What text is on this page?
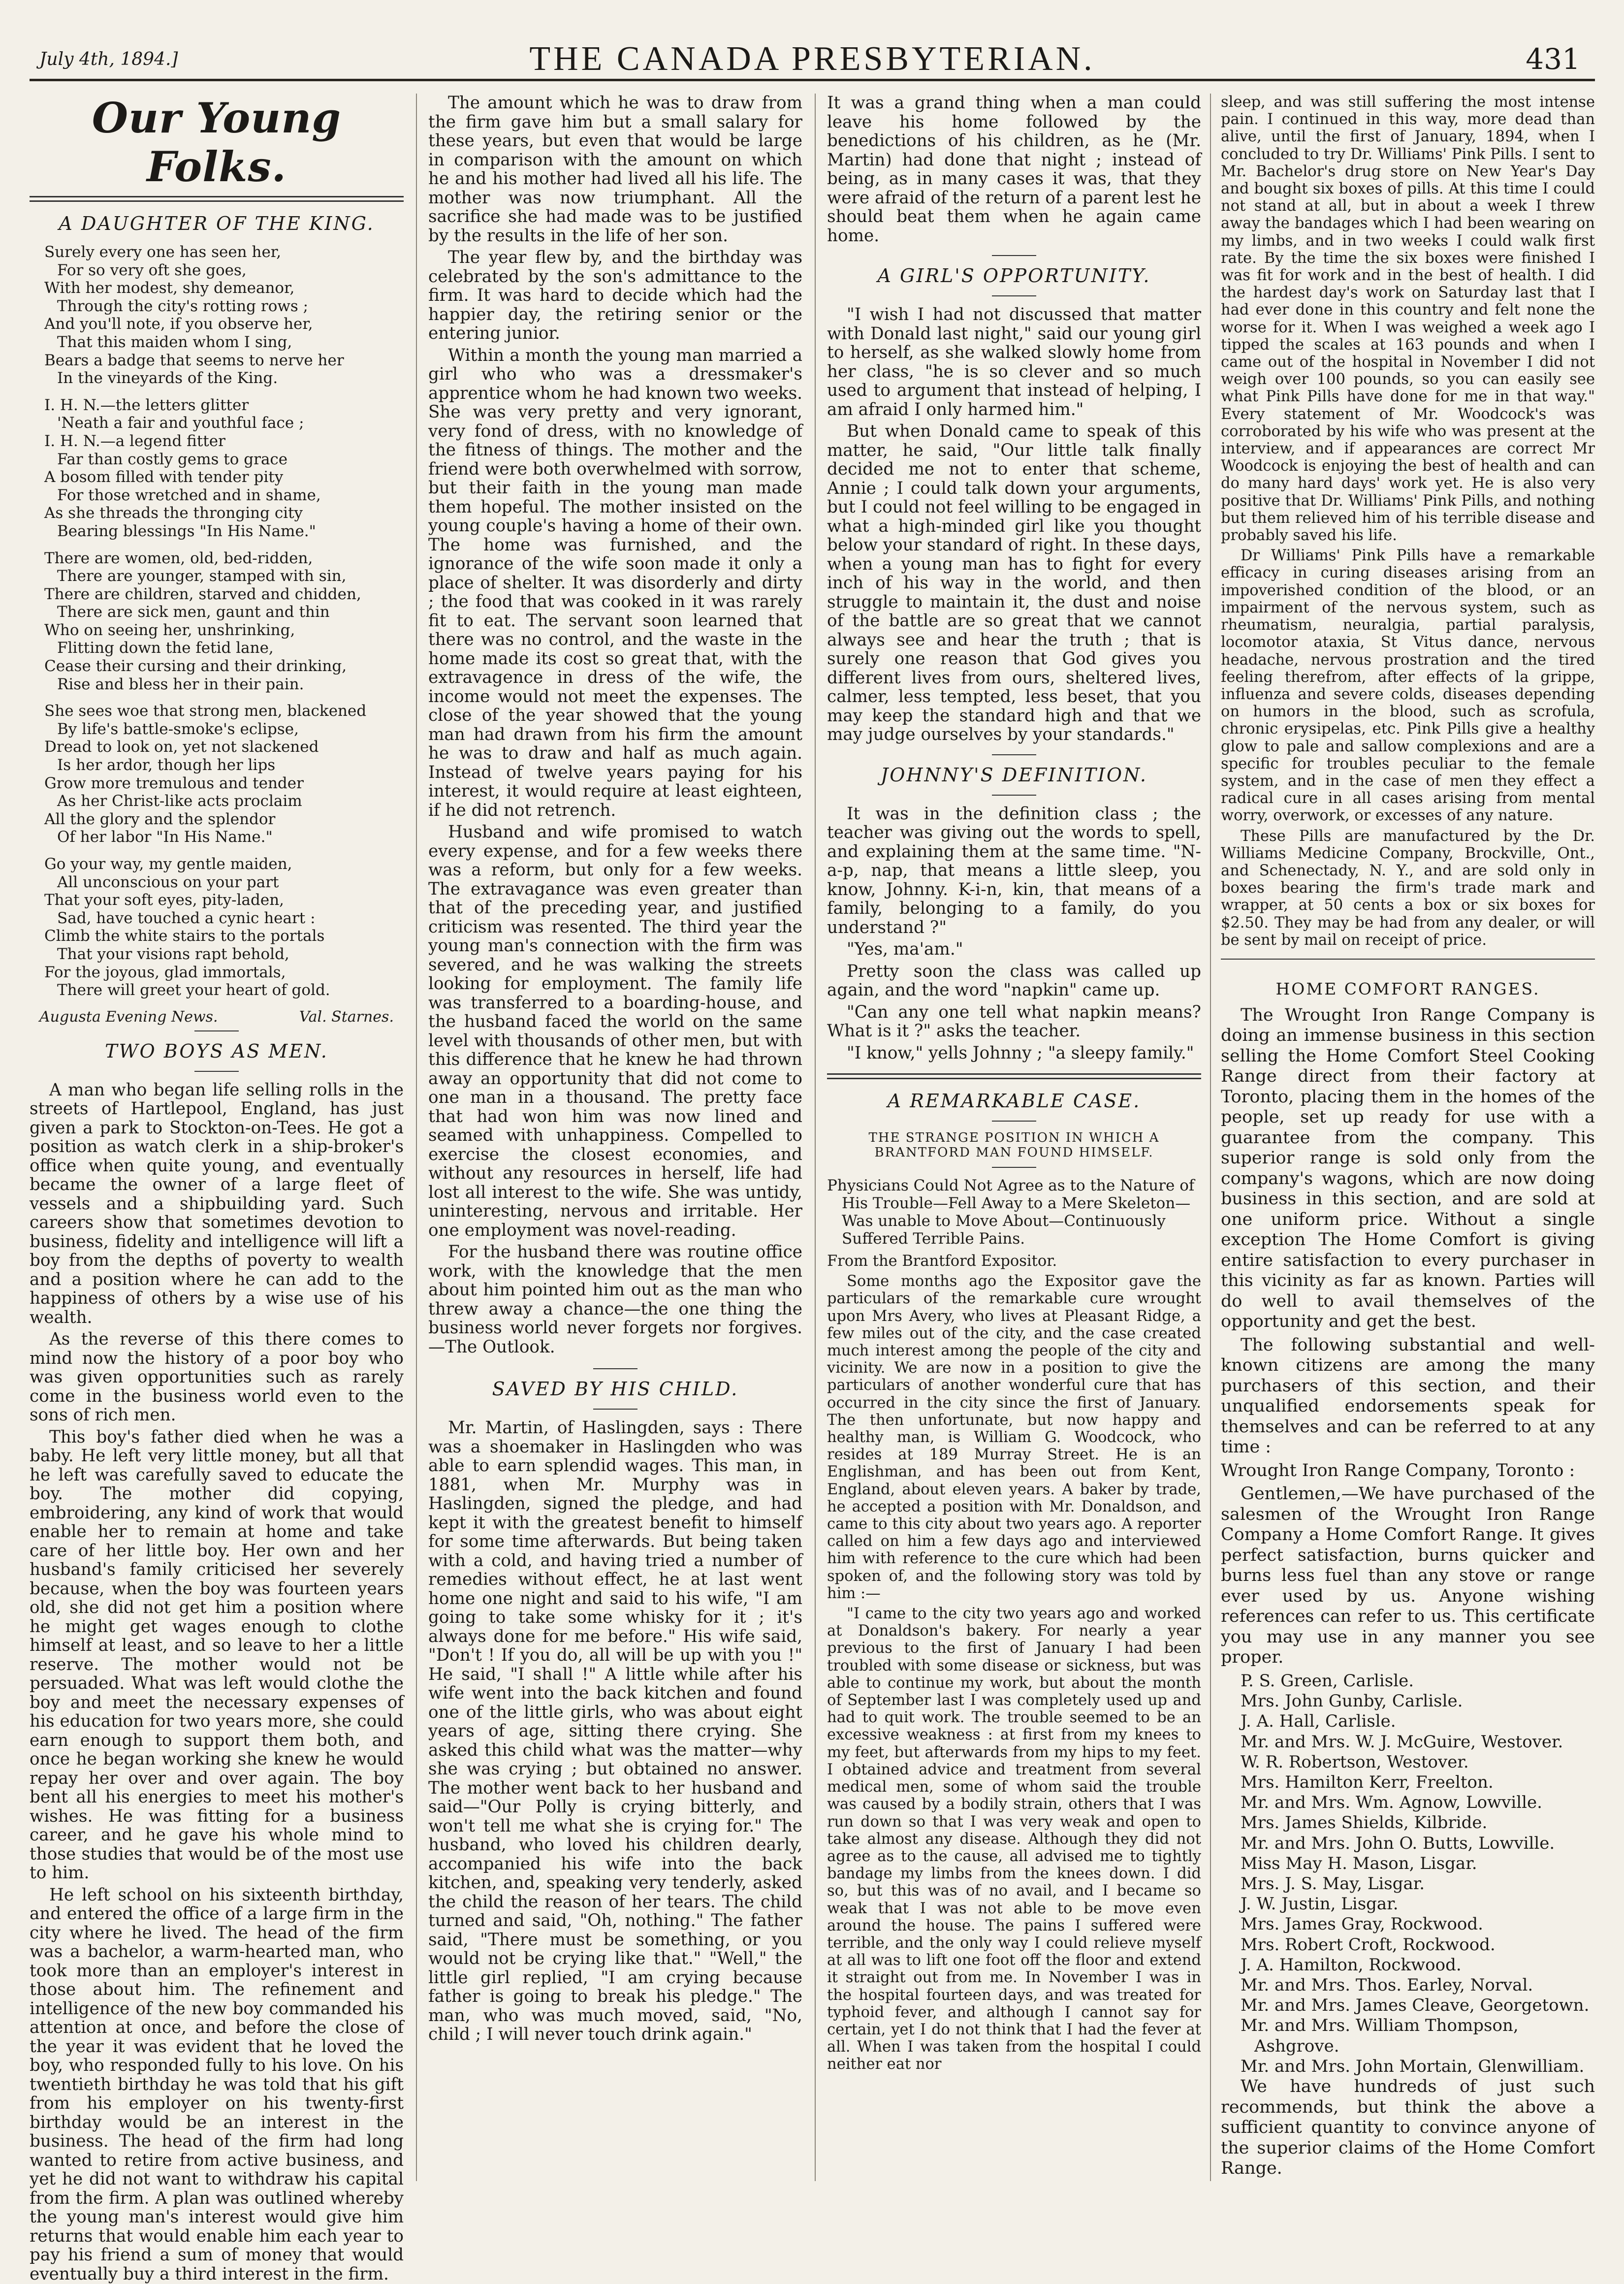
July 4th, 1894.]	THE CANADA PRESBYTERIAN.	431
Our Young Folks.
A DAUGHTER OF THE KING.
Surely every one has seen her,
For so very oft she goes,
With her modest, shy demeanor,
Through the city's rotting rows ;
And you'll note, if you observe her,
That this maiden whom I sing,
Bears a badge that seems to nerve her
In the vineyards of the King.
I. H. N.—the letters glitter
'Neath a fair and youthful face ;
I. H. N.—a legend fitter
Far than costly gems to grace
A bosom filled with tender pity
For those wretched and in shame,
As she threads the thronging city
Bearing blessings "In His Name."
There are women, old, bed-ridden,
There are younger, stamped with sin,
There are children, starved and chidden,
There are sick men, gaunt and thin
Who on seeing her, unshrinking,
Flitting down the fetid lane,
Cease their cursing and their drinking,
Rise and bless her in their pain.
She sees woe that strong men, blackened
By life's battle-smoke's eclipse,
Dread to look on, yet not slackened
Is her ardor, though her lips
Grow more tremulous and tender
As her Christ-like acts proclaim
All the glory and the splendor
Of her labor "In His Name."
Go your way, my gentle maiden,
All unconscious on your part
That your soft eyes, pity-laden,
Sad, have touched a cynic heart :
Climb the white stairs to the portals
That your visions rapt behold,
For the joyous, glad immortals,
There will greet your heart of gold.
Augusta Evening News.	Val. Starnes.
TWO BOYS AS MEN.

A man who began life selling rolls in the streets of Hartlepool, England, has just given a park to Stockton-on-Tees. He got a position as watch clerk in a ship-broker's office when quite young, and eventually became the owner of a large fleet of vessels and a shipbuilding yard. Such careers show that sometimes devotion to business, fidelity and intelligence will lift a boy from the depths of poverty to wealth and a position where he can add to the happiness of others by a wise use of his wealth.

As the reverse of this there comes to mind now the history of a poor boy who was given opportunities such as rarely come in the business world even to the sons of rich men.

This boy's father died when he was a baby. He left very little money, but all that he left was carefully saved to educate the boy. The mother did copying, embroidering, any kind of work that would enable her to remain at home and take care of her little boy. Her own and her husband's family criticised her severely because, when the boy was fourteen years old, she did not get him a position where he might get wages enough to clothe himself at least, and so leave to her a little reserve. The mother would not be persuaded. What was left would clothe the boy and meet the necessary expenses of his education for two years more, she could earn enough to support them both, and once he began working she knew he would repay her over and over again. The boy bent all his energies to meet his mother's wishes. He was fitting for a business career, and he gave his whole mind to those studies that would be of the most use to him.

He left school on his sixteenth birthday, and entered the office of a large firm in the city where he lived. The head of the firm was a bachelor, a warm-hearted man, who took more than an employer's interest in those about him. The refinement and intelligence of the new boy commanded his attention at once, and before the close of the year it was evident that he loved the boy, who responded fully to his love. On his twentieth birthday he was told that his gift from his employer on his twenty-first birthday would be an interest in the business. The head of the firm had long wanted to retire from active business, and yet he did not want to withdraw his capital from the firm. A plan was outlined whereby the young man's interest would give him returns that would enable him each year to pay his friend a sum of money that would eventually buy a third interest in the firm.

The amount which he was to draw from the firm gave him but a small salary for these years, but even that would be large in comparison with the amount on which he and his mother had lived all his life. The mother was now triumphant. All the sacrifice she had made was to be justified by the results in the life of her son.

The year flew by, and the birthday was celebrated by the son's admittance to the firm. It was hard to decide which had the happier day, the retiring senior or the entering junior.

Within a month the young man married a girl who who was a dressmaker's apprentice whom he had known two weeks. She was very pretty and very ignorant, very fond of dress, with no knowledge of the fitness of things. The mother and the friend were both overwhelmed with sorrow, but their faith in the young man made them hopeful. The mother insisted on the young couple's having a home of their own. The home was furnished, and the ignorance of the wife soon made it only a place of shelter. It was disorderly and dirty ; the food that was cooked in it was rarely fit to eat. The servant soon learned that there was no control, and the waste in the home made its cost so great that, with the extravagence in dress of the wife, the income would not meet the expenses. The close of the year showed that the young man had drawn from his firm the amount he was to draw and half as much again. Instead of twelve years paying for his interest, it would require at least eighteen, if he did not retrench.

Husband and wife promised to watch every expense, and for a few weeks there was a reform, but only for a few weeks. The extravagance was even greater than that of the preceding year, and justified criticism was resented. The third year the young man's connection with the firm was severed, and he was walking the streets looking for employment. The family life was transferred to a boarding-house, and the husband faced the world on the same level with thousands of other men, but with this difference that he knew he had thrown away an opportunity that did not come to one man in a thousand. The pretty face that had won him was now lined and seamed with unhappiness. Compelled to exercise the closest economies, and without any resources in herself, life had lost all interest to the wife. She was untidy, uninteresting, nervous and irritable. Her one employment was novel-reading.

For the husband there was routine office work, with the knowledge that the men about him pointed him out as the man who threw away a chance—the one thing the business world never forgets nor forgives.—The Outlook.

SAVED BY HIS CHILD.

Mr. Martin, of Haslingden, says : There was a shoemaker in Haslingden who was able to earn splendid wages. This man, in 1881, when Mr. Murphy was in Haslingden, signed the pledge, and had kept it with the greatest benefit to himself for some time afterwards. But being taken with a cold, and having tried a number of remedies without effect, he at last went home one night and said to his wife, "I am going to take some whisky for it ; it's always done for me before." His wife said, "Don't ! If you do, all will be up with you !" He said, "I shall !" A little while after his wife went into the back kitchen and found one of the little girls, who was about eight years of age, sitting there crying. She asked this child what was the matter—why she was crying ; but obtained no answer. The mother went back to her husband and said—"Our Polly is crying bitterly, and won't tell me what she is crying for." The husband, who loved his children dearly, accompanied his wife into the back kitchen, and, speaking very tenderly, asked the child the reason of her tears. The child turned and said, "Oh, nothing." The father said, "There must be something, or you would not be crying like that." "Well," the little girl replied, "I am crying because father is going to break his pledge." The man, who was much moved, said, "No, child ; I will never touch drink again."

It was a grand thing when a man could leave his home followed by the benedictions of his children, as he (Mr. Martin) had done that night ; instead of being, as in many cases it was, that they were afraid of the return of a parent lest he should beat them when he again came home.

A GIRL'S OPPORTUNITY.

"I wish I had not discussed that matter with Donald last night," said our young girl to herself, as she walked slowly home from her class, "he is so clever and so much used to argument that instead of helping, I am afraid I only harmed him."

But when Donald came to speak of this matter, he said, "Our little talk finally decided me not to enter that scheme, Annie ; I could talk down your arguments, but I could not feel willing to be engaged in what a high-minded girl like you thought below your standard of right. In these days, when a young man has to fight for every inch of his way in the world, and then struggle to maintain it, the dust and noise of the battle are so great that we cannot always see and hear the truth ; that is surely one reason that God gives you different lives from ours, sheltered lives, calmer, less tempted, less beset, that you may keep the standard high and that we may judge ourselves by your standards."

JOHNNY'S DEFINITION.

It was in the definition class ; the teacher was giving out the words to spell, and explaining them at the same time. "N-a-p, nap, that means a little sleep, you know, Johnny. K-i-n, kin, that means of a family, belonging to a family, do you understand ?"

"Yes, ma'am."

Pretty soon the class was called up again, and the word "napkin" came up.

"Can any one tell what napkin means? What is it ?" asks the teacher.

"I know," yells Johnny ; "a sleepy family."

A REMARKABLE CASE.
THE STRANGE POSITION IN WHICH A BRANTFORD MAN FOUND HIMSELF.
Physicians Could Not Agree as to the Nature of His Trouble—Fell Away to a Mere Skeleton—Was unable to Move About—Continuously Suffered Terrible Pains.

From the Brantford Expositor.

Some months ago the Expositor gave the particulars of the remarkable cure wrought upon Mrs Avery, who lives at Pleasant Ridge, a few miles out of the city, and the case created much interest among the people of the city and vicinity. We are now in a position to give the particulars of another wonderful cure that has occurred in the city since the first of January. The then unfortunate, but now happy and healthy man, is William G. Woodcock, who resides at 189 Murray Street. He is an Englishman, and has been out from Kent, England, about eleven years. A baker by trade, he accepted a position with Mr. Donaldson, and came to this city about two years ago. A reporter called on him a few days ago and interviewed him with reference to the cure which had been spoken of, and the following story was told by him :—

"I came to the city two years ago and worked at Donaldson's bakery. For nearly a year previous to the first of January I had been troubled with some disease or sickness, but was able to continue my work, but about the month of September last I was completely used up and had to quit work. The trouble seemed to be an excessive weakness : at first from my knees to my feet, but afterwards from my hips to my feet. I obtained advice and treatment from several medical men, some of whom said the trouble was caused by a bodily strain, others that I was run down so that I was very weak and open to take almost any disease. Although they did not agree as to the cause, all advised me to tightly bandage my limbs from the knees down. I did so, but this was of no avail, and I became so weak that I was not able to be move even around the house. The pains I suffered were terrible, and the only way I could relieve myself at all was to lift one foot off the floor and extend it straight out from me. In November I was in the hospital fourteen days, and was treated for typhoid fever, and although I cannot say for certain, yet I do not think that I had the fever at all. When I was taken from the hospital I could neither eat nor

sleep, and was still suffering the most intense pain. I continued in this way, more dead than alive, until the first of January, 1894, when I concluded to try Dr. Williams' Pink Pills. I sent to Mr. Bachelor's drug store on New Year's Day and bought six boxes of pills. At this time I could not stand at all, but in about a week I threw away the bandages which I had been wearing on my limbs, and in two weeks I could walk first rate. By the time the six boxes were finished I was fit for work and in the best of health. I did the hardest day's work on Saturday last that I had ever done in this country and felt none the worse for it. When I was weighed a week ago I tipped the scales at 163 pounds and when I came out of the hospital in November I did not weigh over 100 pounds, so you can easily see what Pink Pills have done for me in that way." Every statement of Mr. Woodcock's was corroborated by his wife who was present at the interview, and if appearances are correct Mr Woodcock is enjoying the best of health and can do many hard days' work yet. He is also very positive that Dr. Williams' Pink Pills, and nothing but them relieved him of his terrible disease and probably saved his life.

Dr Williams' Pink Pills have a remarkable efficacy in curing diseases arising from an impoverished condition of the blood, or an impairment of the nervous system, such as rheumatism, neuralgia, partial paralysis, locomotor ataxia, St Vitus dance, nervous headache, nervous prostration and the tired feeling therefrom, after effects of la grippe, influenza and severe colds, diseases depending on humors in the blood, such as scrofula, chronic erysipelas, etc. Pink Pills give a healthy glow to pale and sallow complexions and are a specific for troubles peculiar to the female system, and in the case of men they effect a radical cure in all cases arising from mental worry, overwork, or excesses of any nature.

These Pills are manufactured by the Dr. Williams Medicine Company, Brockville, Ont., and Schenectady, N. Y., and are sold only in boxes bearing the firm's trade mark and wrapper, at 50 cents a box or six boxes for $2.50. They may be had from any dealer, or will be sent by mail on receipt of price.

HOME COMFORT RANGES.

The Wrought Iron Range Company is doing an immense business in this section selling the Home Comfort Steel Cooking Range direct from their factory at Toronto, placing them in the homes of the people, set up ready for use with a guarantee from the company. This superior range is sold only from the company's wagons, which are now doing business in this section, and are sold at one uniform price. Without a single exception The Home Comfort is giving entire satisfaction to every purchaser in this vicinity as far as known. Parties will do well to avail themselves of the opportunity and get the best.

The following substantial and well-known citizens are among the many purchasers of this section, and their unqualified endorsements speak for themselves and can be referred to at any time :

Wrought Iron Range Company, Toronto :

Gentlemen,—We have purchased of the salesmen of the Wrought Iron Range Company a Home Comfort Range. It gives perfect satisfaction, burns quicker and burns less fuel than any stove or range ever used by us. Anyone wishing references can refer to us. This certificate you may use in any manner you see proper.

P. S. Green, Carlisle.
Mrs. John Gunby, Carlisle.
J. A. Hall, Carlisle.
Mr. and Mrs. W. J. McGuire, Westover.
W. R. Robertson, Westover.
Mrs. Hamilton Kerr, Freelton.
Mr. and Mrs. Wm. Agnow, Lowville.
Mrs. James Shields, Kilbride.
Mr. and Mrs. John O. Butts, Lowville.
Miss May H. Mason, Lisgar.
Mrs. J. S. May, Lisgar.
J. W. Justin, Lisgar.
Mrs. James Gray, Rockwood.
Mrs. Robert Croft, Rockwood.
J. A. Hamilton, Rockwood.
Mr. and Mrs. Thos. Earley, Norval.
Mr. and Mrs. James Cleave, Georgetown.
Mr. and Mrs. William Thompson, Ashgrove.
Mr. and Mrs. John Mortain, Glenwilliam.

We have hundreds of just such recommends, but think the above a sufficient quantity to convince anyone of the superior claims of the Home Comfort Range.
